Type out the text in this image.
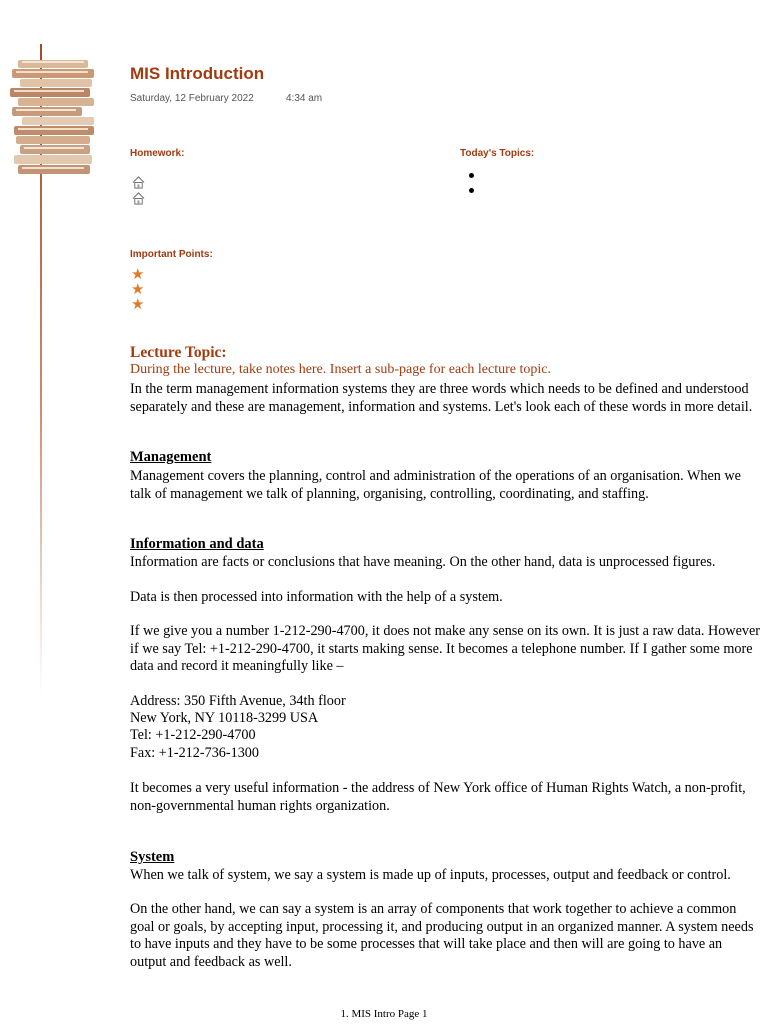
MIS Introduction
Saturday, 12 February 2022	4:34 am
Homework:	Today's Topics:
Important Points:
★
★
★
Lecture Topic:
During the lecture, take notes here. Insert a sub-page for each lecture topic.

In the term management information systems they are three words which needs to be defined and understood separately and these are management, information and systems. Let's look each of these words in more detail.

Management

Management covers the planning, control and administration of the operations of an organisation. When we talk of management we talk of planning, organising, controlling, coordinating, and staffing.

Information and data

Information are facts or conclusions that have meaning. On the other hand, data is unprocessed figures.

Data is then processed into information with the help of a system.

If we give you a number 1-212-290-4700, it does not make any sense on its own. It is just a raw data. However if we say Tel: +1-212-290-4700, it starts making sense. It becomes a telephone number. If I gather some more data and record it meaningfully like –

Address: 350 Fifth Avenue, 34th floor
New York, NY 10118-3299 USA
Tel: +1-212-290-4700
Fax: +1-212-736-1300

It becomes a very useful information - the address of New York office of Human Rights Watch, a non-profit, non-governmental human rights organization.

System

When we talk of system, we say a system is made up of inputs, processes, output and feedback or control.

On the other hand, we can say a system is an array of components that work together to achieve a common goal or goals, by accepting input, processing it, and producing output in an organized manner. A system needs to have inputs and they have to be some processes that will take place and then will are going to have an output and feedback as well.

1. MIS Intro Page 1
